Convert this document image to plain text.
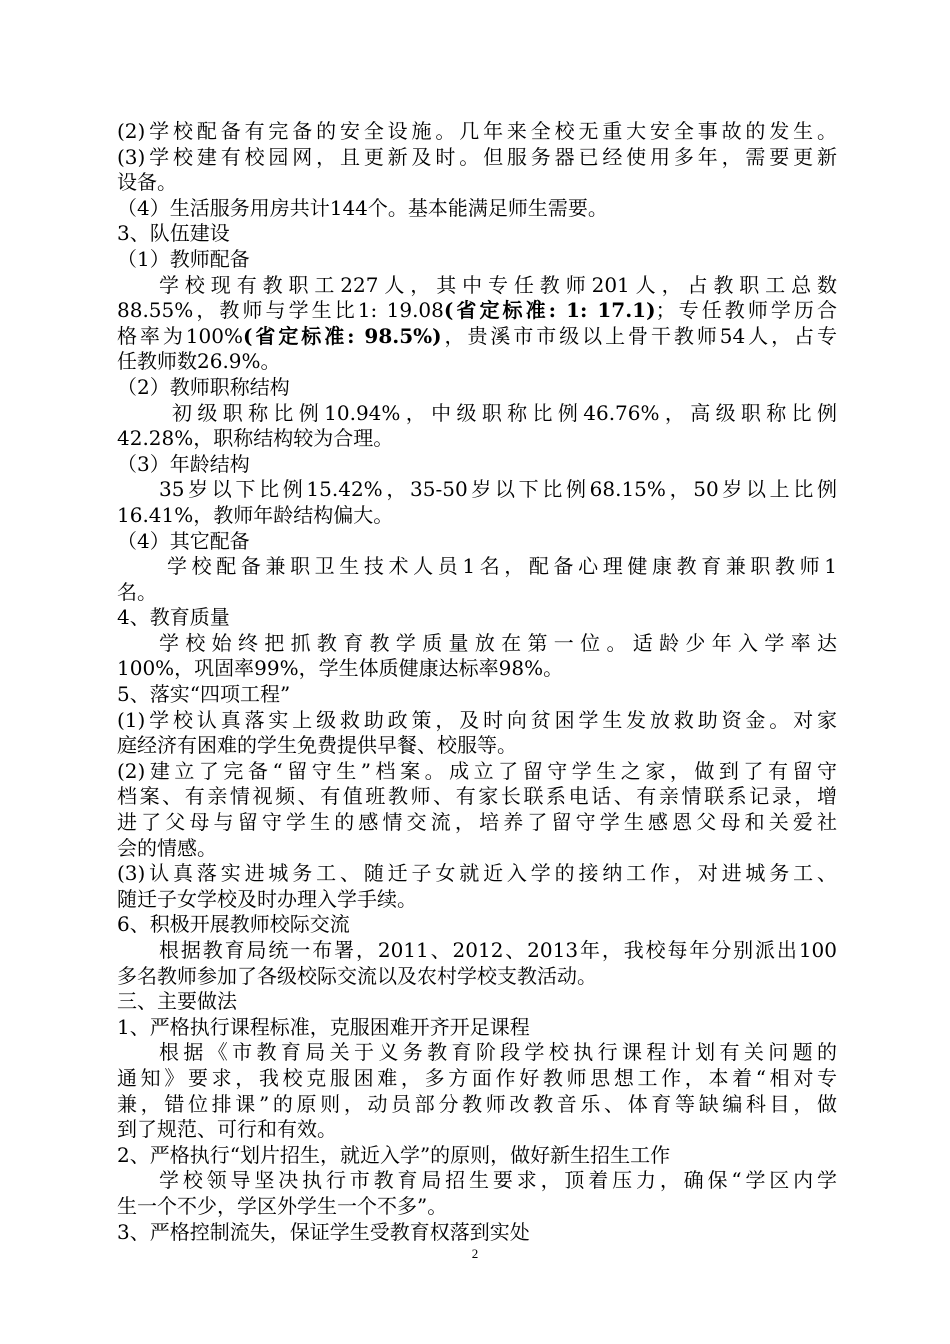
(2)学校配备有完备的安全设施。几年来全校无重大安全事故的发生。
(3)学校建有校园网，且更新及时。但服务器已经使用多年，需要更新
设备。
（4）生活服务用房共计144个。基本能满足师生需要。
3、队伍建设
（1）教师配备
学校现有教职工227人，其中专任教师201人，占教职工总数
88.55%，教师与学生比1: 19.08(省定标准: 1: 17.1)；专任教师学历合
格率为100%(省定标准: 98.5%)，贵溪市市级以上骨干教师54人，占专
任教师数26.9%。
（2）教师职称结构
初级职称比例10.94%，中级职称比例46.76%，高级职称比例
42.28%，职称结构较为合理。
（3）年龄结构
35岁以下比例15.42%，35-50岁以下比例68.15%，50岁以上比例
16.41%，教师年龄结构偏大。
（4）其它配备
学校配备兼职卫生技术人员1名，配备心理健康教育兼职教师1
名。
4、教育质量
学校始终把抓教育教学质量放在第一位。适龄少年入学率达
100%，巩固率99%，学生体质健康达标率98%。
5、落实“四项工程”
(1)学校认真落实上级救助政策，及时向贫困学生发放救助资金。对家
庭经济有困难的学生免费提供早餐、校服等。
(2)建立了完备“留守生”档案。成立了留守学生之家，做到了有留守
档案、有亲情视频、有值班教师、有家长联系电话、有亲情联系记录，增
进了父母与留守学生的感情交流，培养了留守学生感恩父母和关爱社
会的情感。
(3)认真落实进城务工、随迁子女就近入学的接纳工作，对进城务工、
随迁子女学校及时办理入学手续。
6、积极开展教师校际交流
根据教育局统一布署，2011、2012、2013年，我校每年分别派出100
多名教师参加了各级校际交流以及农村学校支教活动。
三、主要做法
1、严格执行课程标准，克服困难开齐开足课程
根据《市教育局关于义务教育阶段学校执行课程计划有关问题的
通知》要求，我校克服困难，多方面作好教师思想工作，本着“相对专
兼，错位排课”的原则，动员部分教师改教音乐、体育等缺编科目，做
到了规范、可行和有效。
2、严格执行“划片招生，就近入学”的原则，做好新生招生工作
学校领导坚决执行市教育局招生要求，顶着压力，确保“学区内学
生一个不少，学区外学生一个不多”。
3、严格控制流失，保证学生受教育权落到实处
2
